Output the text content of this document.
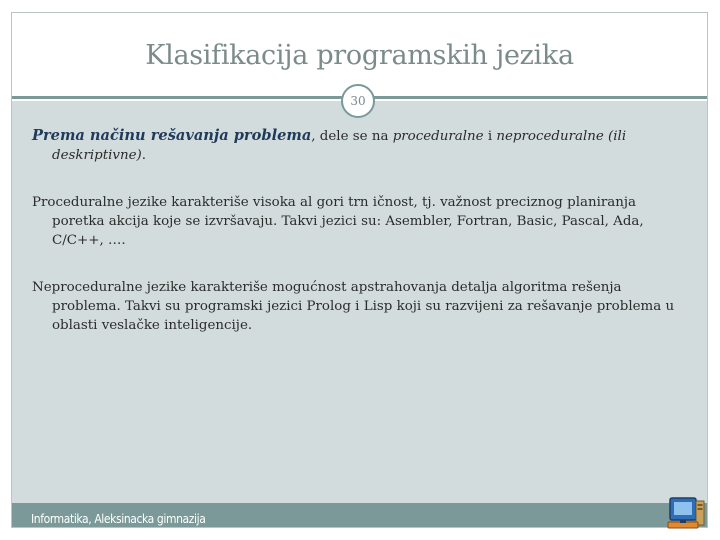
Klasifikacija programskih jezika
30

Prema načinu rešavanja problema, dele se na proceduralne i neproceduralne (ili deskriptivne).

Proceduralne jezike karakteriše visoka al gori trn ičnost, tj. važnost preciznog planiranja poretka akcija koje se izvršavaju. Takvi jezici su: Asembler, Fortran, Basic, Pascal, Ada, C/C++, ….

Neproceduralne jezike karakteriše mogućnost apstrahovanja detalja algoritma rešenja problema. Takvi su programski jezici Prolog i Lisp koji su razvijeni za rešavanje problema u oblasti veslačke inteligencije.

Informatika, Aleksinacka gimnazija
